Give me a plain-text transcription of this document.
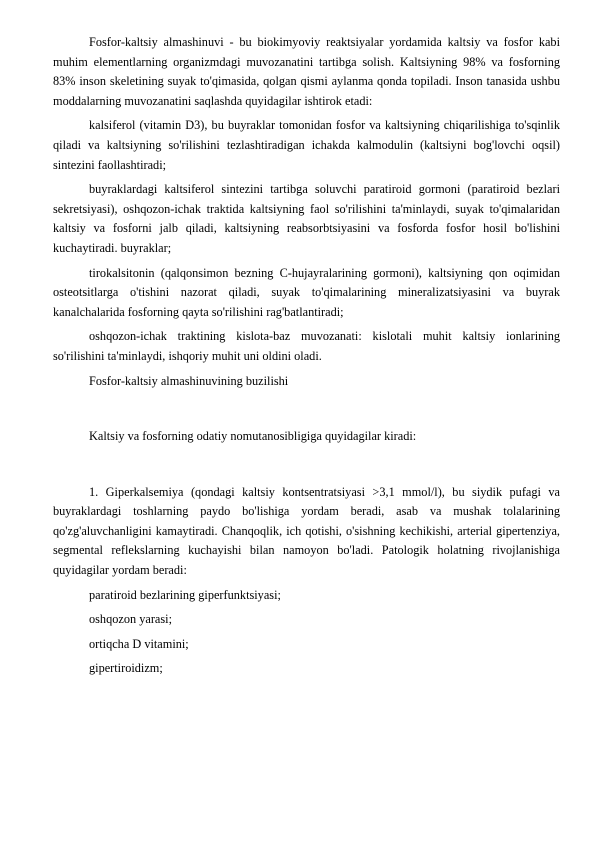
Fosfor-kaltsiy almashinuvi - bu biokimyoviy reaktsiyalar yordamida kaltsiy va fosfor kabi muhim elementlarning organizmdagi muvozanatini tartibga solish. Kaltsiyning 98% va fosforning 83% inson skeletining suyak to'qimasida, qolgan qismi aylanma qonda topiladi. Inson tanasida ushbu moddalarning muvozanatini saqlashda quyidagilar ishtirok etadi:

kalsiferol (vitamin D3), bu buyraklar tomonidan fosfor va kaltsiyning chiqarilishiga to'sqinlik qiladi va kaltsiyning so'rilishini tezlashtiradigan ichakda kalmodulin (kaltsiyni bog'lovchi oqsil) sintezini faollashtiradi;

buyraklardagi kaltsiferol sintezini tartibga soluvchi paratiroid gormoni (paratiroid bezlari sekretsiyasi), oshqozon-ichak traktida kaltsiyning faol so'rilishini ta'minlaydi, suyak to'qimalaridan kaltsiy va fosforni jalb qiladi, kaltsiyning reabsorbtsiyasini va fosforda fosfor hosil bo'lishini kuchaytiradi. buyraklar;

tirokalsitonin (qalqonsimon bezning C-hujayralarining gormoni), kaltsiyning qon oqimidan osteotsitlarga o'tishini nazorat qiladi, suyak to'qimalarining mineralizatsiyasini va buyrak kanalchalarida fosforning qayta so'rilishini rag'batlantiradi;

oshqozon-ichak traktining kislota-baz muvozanati: kislotali muhit kaltsiy ionlarining so'rilishini ta'minlaydi, ishqoriy muhit uni oldini oladi.

Fosfor-kaltsiy almashinuvining buzilishi

Kaltsiy va fosforning odatiy nomutanosibligiga quyidagilar kiradi:

1. Giperkalsemiya (qondagi kaltsiy kontsentratsiyasi >3,1 mmol/l), bu siydik pufagi va buyraklardagi toshlarning paydo bo'lishiga yordam beradi, asab va mushak tolalarining qo'zg'aluvchanligini kamaytiradi. Chanqoqlik, ich qotishi, o'sishning kechikishi, arterial gipertenziya, segmental reflekslarning kuchayishi bilan namoyon bo'ladi. Patologik holatning rivojlanishiga quyidagilar yordam beradi:

paratiroid bezlarining giperfunktsiyasi;

oshqozon yarasi;

ortiqcha D vitamini;

gipertiroidizm;
